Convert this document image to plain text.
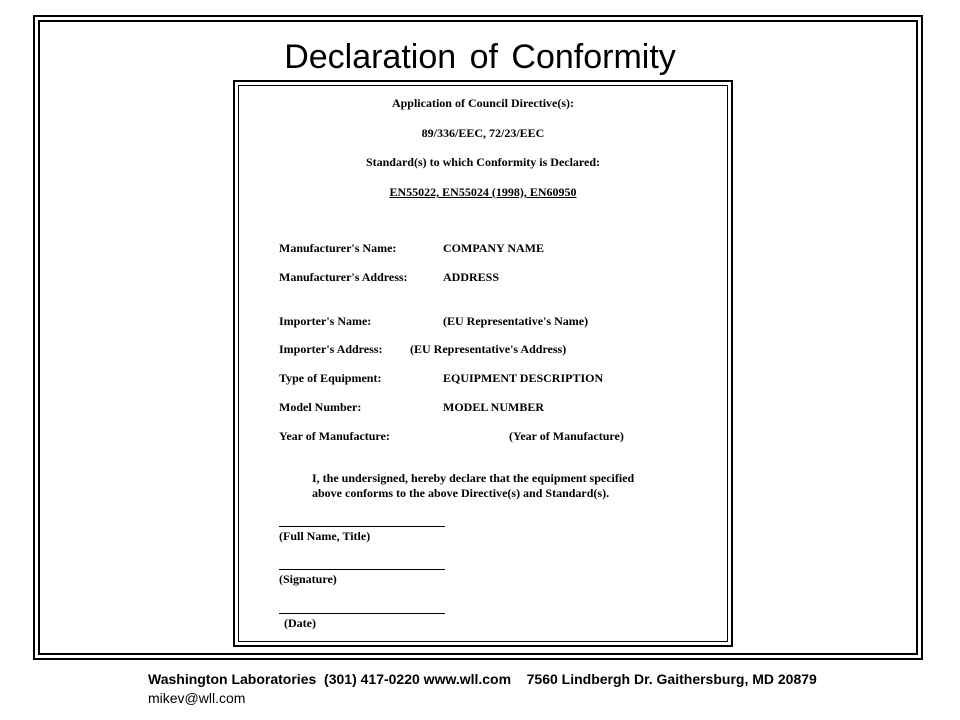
Declaration of Conformity
Application of Council Directive(s):
89/336/EEC, 72/23/EEC
Standard(s) to which Conformity is Declared:
EN55022, EN55024 (1998), EN60950
Manufacturer's Name:	COMPANY NAME
Manufacturer's Address:	ADDRESS
Importer's Name:	(EU Representative's Name)
Importer's Address: (EU Representative's Address)
Type of Equipment:	EQUIPMENT DESCRIPTION
Model Number:	MODEL NUMBER
Year of Manufacture:	(Year of Manufacture)
I, the undersigned, hereby declare that the equipment specified
above conforms to the above Directive(s) and Standard(s).
(Full Name, Title)
(Signature)
(Date)
Washington Laboratories  (301) 417-0220 www.wll.com    7560 Lindbergh Dr. Gaithersburg, MD 20879
mikev@wll.com
